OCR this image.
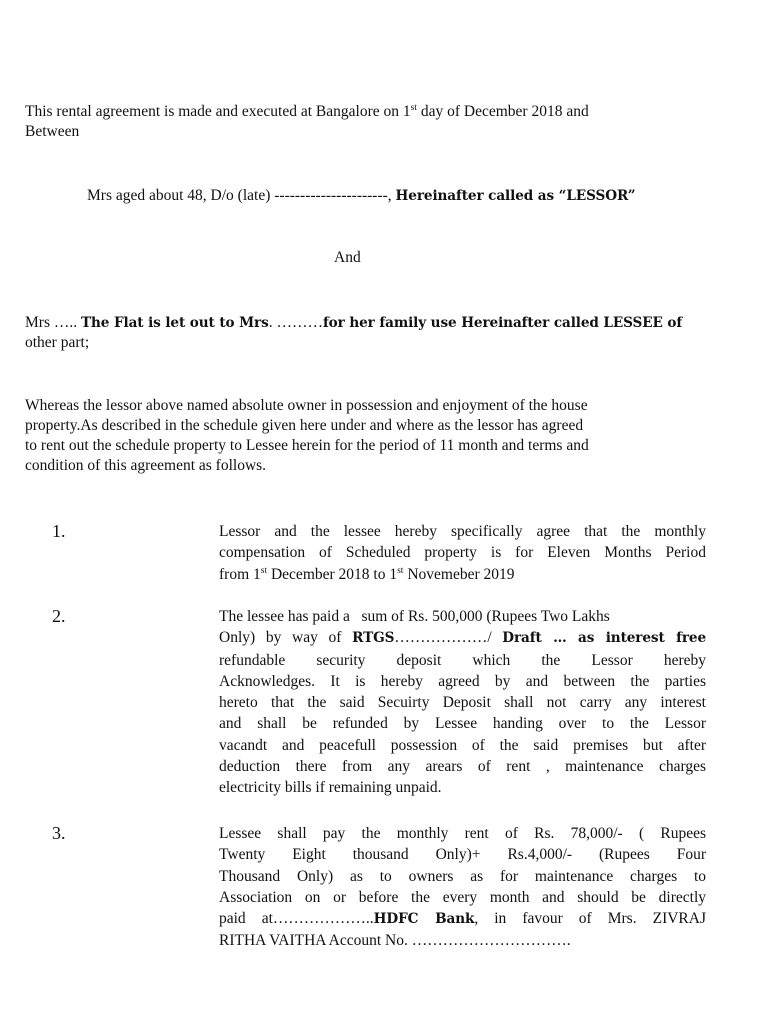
This rental agreement is made and executed at Bangalore on 1st day of December 2018 and
Between
Mrs aged about 48, D/o (late) ----------------------, Hereinafter called as “LESSOR”
And
Mrs ….. The Flat is let out to Mrs. ………for her family use Hereinafter called LESSEE of
other part;
Whereas the lessor above named absolute owner in possession and enjoyment of the house
property.As described in the schedule given here under and where as the lessor has agreed
to rent out the schedule property to Lessee herein for the period of 11 month and terms and
condition of this agreement as follows.
1.	Lessor and the lessee hereby specifically agree that the monthly
compensation of Scheduled property is for Eleven Months Period
from 1st December 2018 to 1st Novemeber 2019
2.	The lessee has paid a   sum of Rs. 500,000 (Rupees Two Lakhs
Only) by way of RTGS………………/ Draft … as interest free
refundable security deposit which the Lessor hereby
Acknowledges. It is hereby agreed by and between the parties
hereto that the said Secuirty Deposit shall not carry any interest
and shall be refunded by Lessee handing over to the Lessor
vacandt and peacefull possession of the said premises but after
deduction there from any arears of rent , maintenance charges
electricity bills if remaining unpaid.
3.	Lessee shall pay the monthly rent of Rs. 78,000/- ( Rupees
Twenty Eight thousand Only)+ Rs.4,000/- (Rupees Four
Thousand Only) as to owners as for maintenance charges to
Association on or before the every month and should be directly
paid at………………..HDFC Bank, in favour of Mrs. ZIVRAJ
RITHA VAITHA Account No. ………………………….
